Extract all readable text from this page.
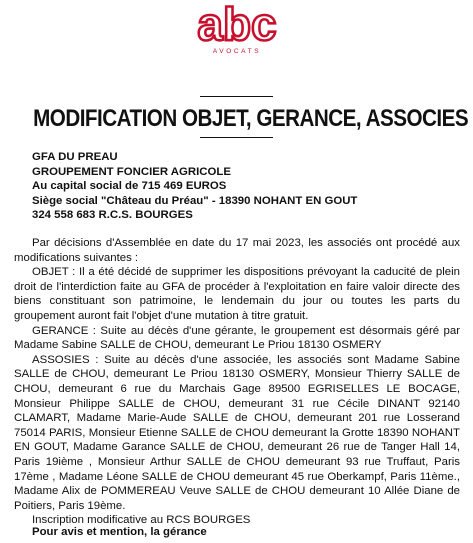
abc
AVOCATS
MODIFICATION OBJET, GERANCE, ASSOCIES
GFA DU PREAU
GROUPEMENT FONCIER AGRICOLE
Au capital social de 715 469 EUROS
Siège social "Château du Préau" - 18390 NOHANT EN GOUT
324 558 683 R.C.S. BOURGES

Par décisions d'Assemblée en date du 17 mai 2023, les associés ont procédé aux modifications suivantes :

OBJET : Il a été décidé de supprimer les dispositions prévoyant la caducité de plein droit de l'interdiction faite au GFA de procéder à l'exploitation en faire valoir directe des biens constituant son patrimoine, le lendemain du jour ou toutes les parts du groupement auront fait l'objet d'une mutation à titre gratuit.

GERANCE : Suite au décès d'une gérante, le groupement est désormais géré par Madame Sabine SALLE de CHOU, demeurant Le Priou 18130 OSMERY

ASSOSIES : Suite au décès d'une associée, les associés sont Madame Sabine SALLE de CHOU, demeurant Le Priou 18130 OSMERY, Monsieur Thierry SALLE de CHOU, demeurant 6 rue du Marchais Gage 89500 EGRISELLES LE BOCAGE, Monsieur Philippe SALLE de CHOU, demeurant 31 rue Cécile DINANT 92140 CLAMART, Madame Marie-Aude SALLE de CHOU, demeurant 201 rue Losserand 75014 PARIS, Monsieur Etienne SALLE de CHOU demeurant la Grotte 18390 NOHANT EN GOUT, Madame Garance SALLE de CHOU, demeurant 26 rue de Tanger Hall 14, Paris 19ième , Monsieur Arthur SALLE de CHOU demeurant 93 rue Truffaut, Paris 17ème , Madame Léone SALLE de CHOU demeurant 45 rue Oberkampf, Paris 11ème., Madame Alix de POMMEREAU Veuve SALLE de CHOU demeurant 10 Allée Diane de Poitiers, Paris 19ème.

Inscription modificative au RCS BOURGES

Pour avis et mention, la gérance
